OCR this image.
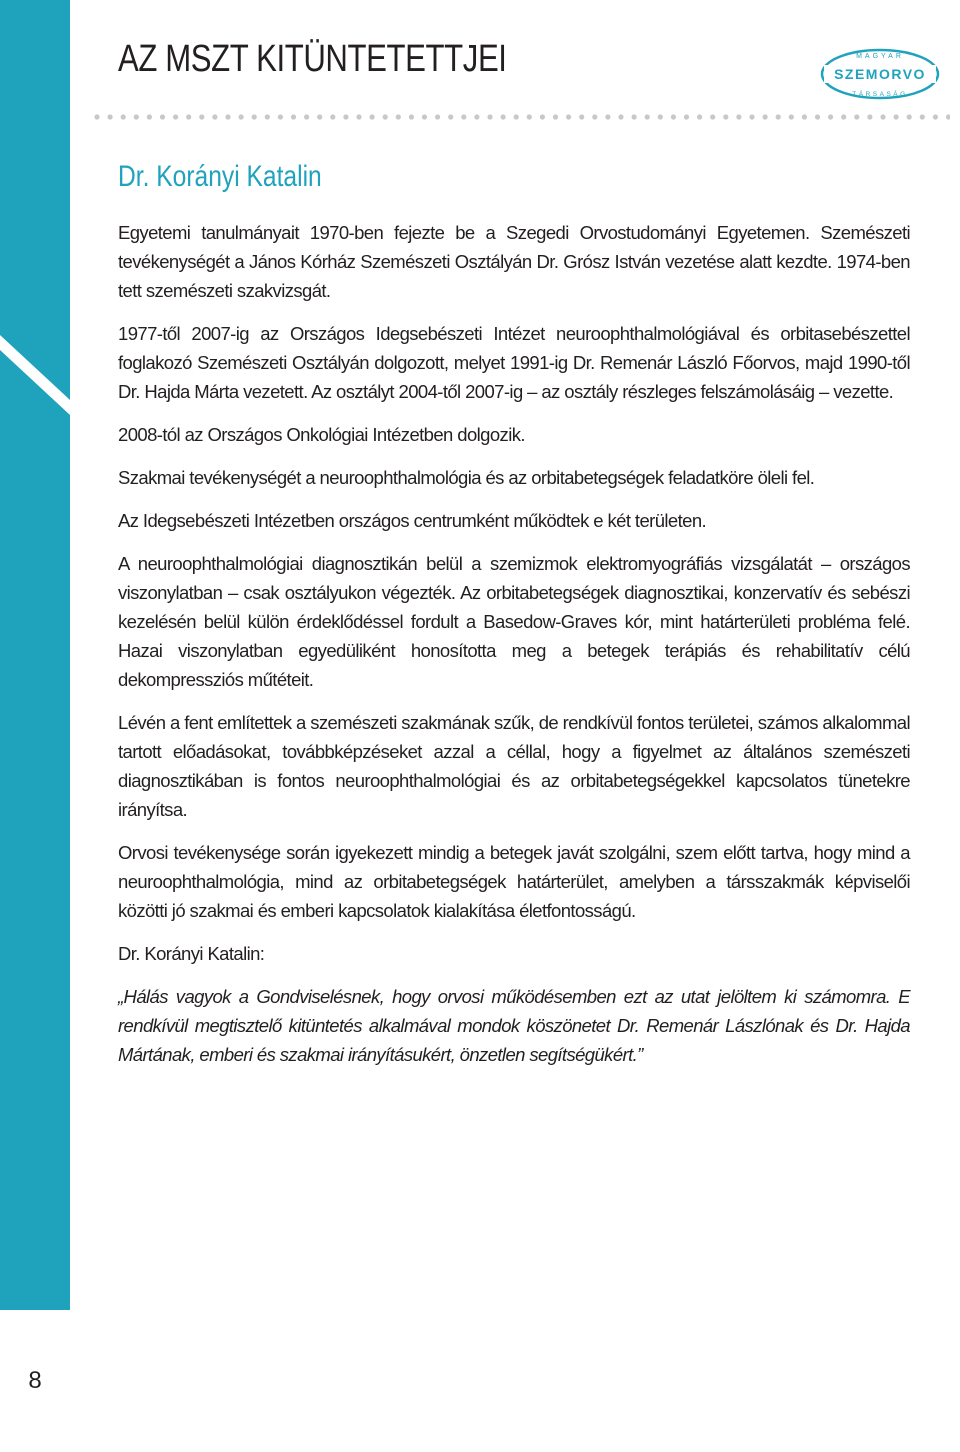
8
AZ MSZT KITÜNTETETTJEI	MAGYAR
SZEMORVO
TÁRSASÁG
Dr. Korányi Katalin

Egyetemi tanulmányait 1970-ben fejezte be a Szegedi Orvostudományi Egyetemen. Szemészeti tevékenységét a János Kórház Szemészeti Osztályán Dr. Grósz István vezetése alatt kezdte. 1974-ben tett szemészeti szakvizsgát.

1977-től 2007-ig az Országos Idegsebészeti Intézet neuroophthalmológiával és orbitasebészettel foglakozó Szemészeti Osztályán dolgozott, melyet 1991-ig Dr. Remenár László Főorvos, majd 1990-től Dr. Hajda Márta vezetett. Az osztályt 2004-től 2007-ig – az osztály részleges felszámolásáig – vezette.

2008-tól az Országos Onkológiai Intézetben dolgozik.

Szakmai tevékenységét a neuroophthalmológia és az orbitabetegségek feladatköre öleli fel.

Az Idegsebészeti Intézetben országos centrumként működtek e két területen.

A neuroophthalmológiai diagnosztikán belül a szemizmok elektromyográfiás vizsgálatát – országos viszonylatban – csak osztályukon végezték. Az orbitabetegségek diagnosztikai, konzervatív és sebészi kezelésén belül külön érdeklődéssel fordult a Basedow-Graves kór, mint határterületi probléma felé. Hazai viszonylatban egyedüliként honosította meg a betegek terápiás és rehabilitatív célú dekompressziós műtéteit.

Lévén a fent említettek a szemészeti szakmának szűk, de rendkívül fontos területei, számos alkalommal tartott előadásokat, továbbképzéseket azzal a céllal, hogy a figyelmet az általános szemészeti diagnosztikában is fontos neuroophthalmológiai és az orbitabetegségekkel kapcsolatos tünetekre irányítsa.

Orvosi tevékenysége során igyekezett mindig a betegek javát szolgálni, szem előtt tartva, hogy mind a neuroophthalmológia, mind az orbitabetegségek határterület, amelyben a társszakmák képviselői közötti jó szakmai és emberi kapcsolatok kialakítása életfontosságú.

Dr. Korányi Katalin:

„Hálás vagyok a Gondviselésnek, hogy orvosi működésemben ezt az utat jelöltem ki számomra. E rendkívül megtisztelő kitüntetés alkalmával mondok köszönetet Dr. Remenár Lászlónak és Dr. Hajda Mártának, emberi és szakmai irányításukért, önzetlen segítségükért.”
